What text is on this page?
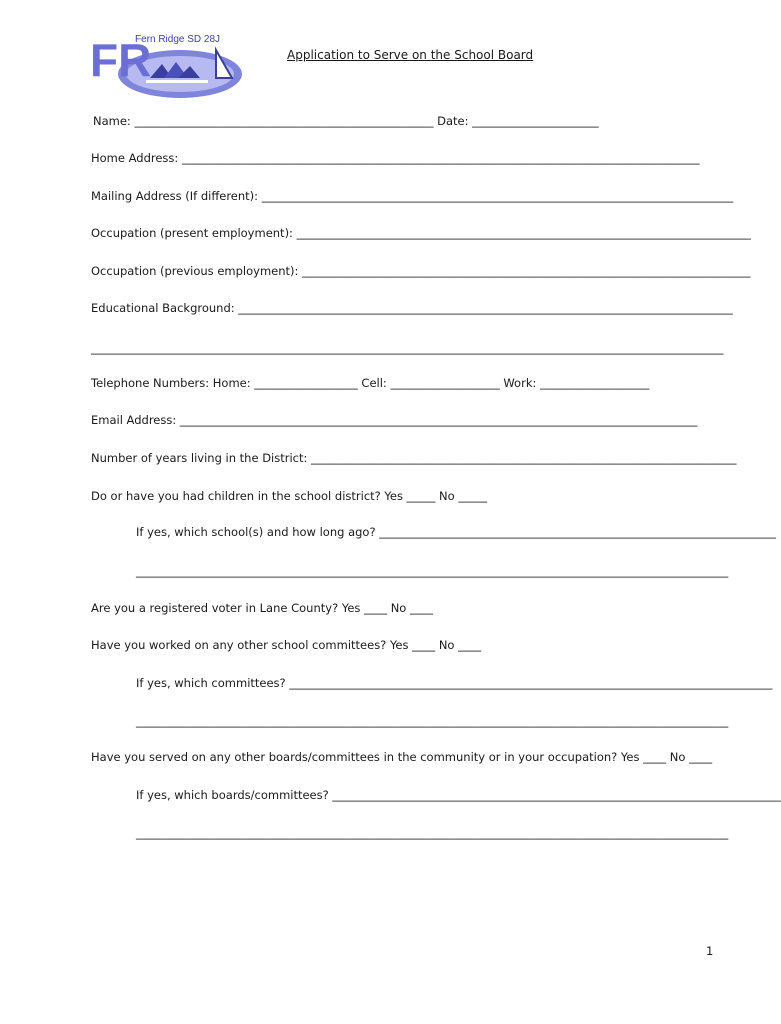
FR
Fern Ridge SD 28J
Application to Serve on the School Board
Name: ____________________________________________________ Date: ______________________
Home Address: __________________________________________________________________________________________
Mailing Address (If different): __________________________________________________________________________________
Occupation (present employment): _______________________________________________________________________________
Occupation (previous employment): ______________________________________________________________________________
Educational Background: ______________________________________________________________________________________
______________________________________________________________________________________________________________
Telephone Numbers: Home: __________________ Cell: ___________________ Work: ___________________
Email Address: __________________________________________________________________________________________
Number of years living in the District: __________________________________________________________________________
Do or have you had children in the school district? Yes _____ No _____
If yes, which school(s) and how long ago? _____________________________________________________________________
_______________________________________________________________________________________________________
Are you a registered voter in Lane County? Yes ____ No ____
Have you worked on any other school committees? Yes ____ No ____
If yes, which committees? ____________________________________________________________________________________
_______________________________________________________________________________________________________
Have you served on any other boards/committees in the community or in your occupation? Yes ____ No ____
If yes, which boards/committees? ______________________________________________________________________________
_______________________________________________________________________________________________________
1
